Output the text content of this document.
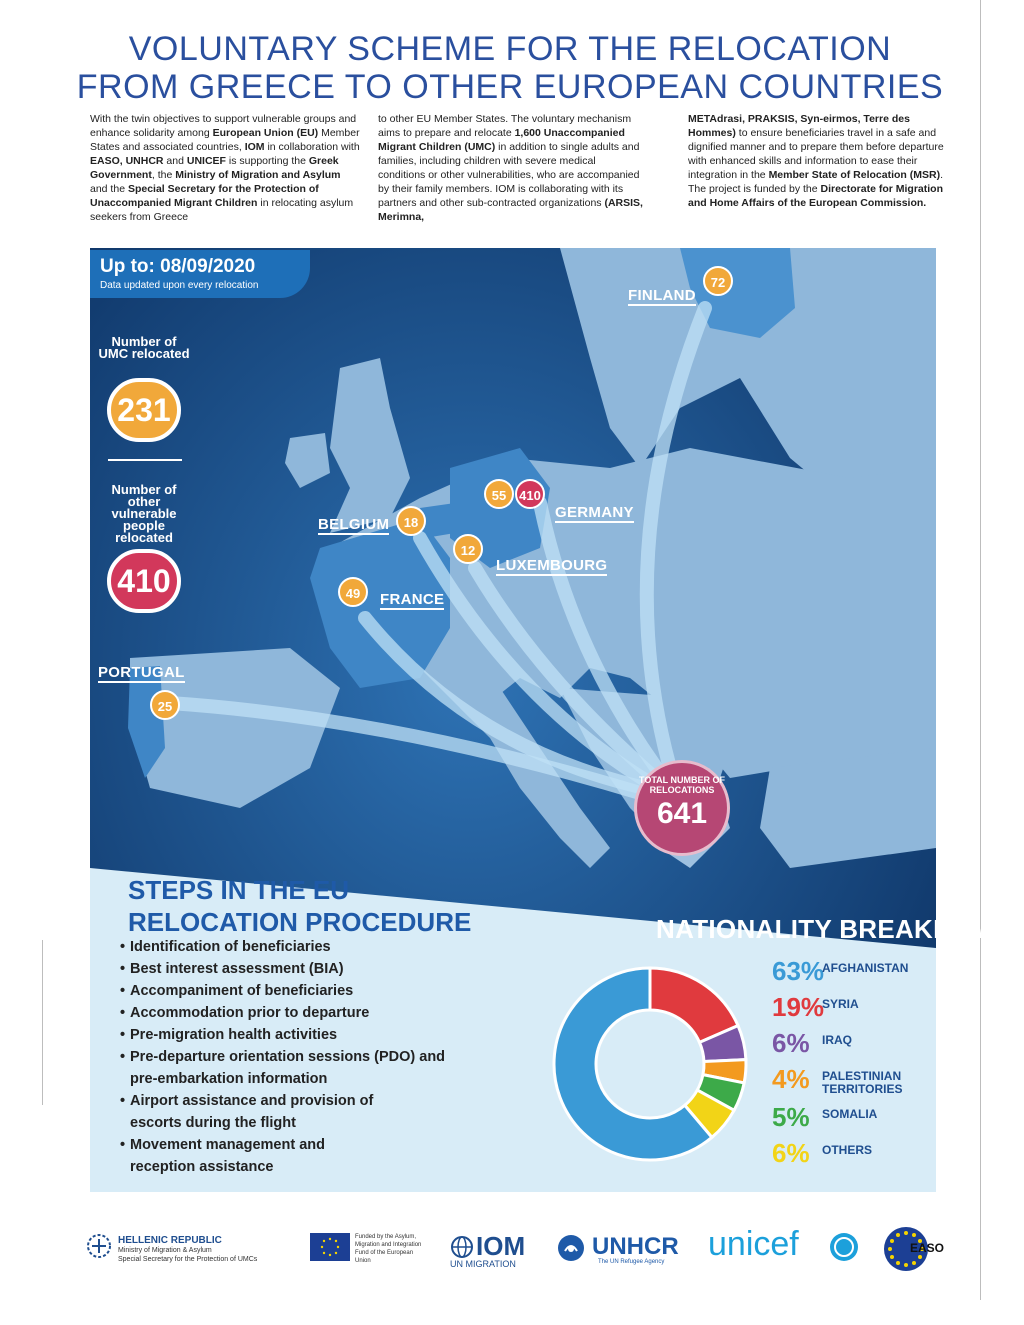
VOLUNTARY SCHEME FOR THE RELOCATION
FROM GREECE TO OTHER EUROPEAN COUNTRIES
With the twin objectives to support vulnerable groups and enhance solidarity among European Union (EU) Member States and associated countries, IOM in collaboration with EASO, UNHCR and UNICEF is supporting the Greek Government, the Ministry of Migration and Asylum and the Special Secretary for the Protection of Unaccompanied Migrant Children in relocating asylum seekers from Greece
to other EU Member States. The voluntary mechanism aims to prepare and relocate 1,600 Unaccompanied Migrant Children (UMC) in addition to single adults and families, including children with severe medical conditions or other vulnerabilities, who are accompanied by their family members. IOM is collaborating with its partners and other sub-contracted organizations (ARSIS, Merimna,
METAdrasi, PRAKSIS, Syn-eirmos, Terre des Hommes) to ensure beneficiaries travel in a safe and dignified manner and to prepare them before departure with enhanced skills and information to ease their integration in the Member State of Relocation (MSR). The project is funded by the Directorate for Migration and Home Affairs of the European Commission.
Up to: 08/09/2020
Data updated upon every relocation
Number of UMC relocated
231
Number of other vulnerable people relocated
410
FINLAND
72
55 410
GERMANY
BELGIUM	18
12
LUXEMBOURG
49	FRANCE
PORTUGAL
25
TOTAL NUMBER OF RELOCATIONS
641
STEPS IN THE EU
RELOCATION PROCEDURE
• Identification of beneficiaries
• Best interest assessment (BIA)
• Accompaniment of beneficiaries
• Accommodation prior to departure
• Pre-migration health activities
• Pre-departure orientation sessions (PDO) and pre-embarkation information
• Airport assistance and provision of escorts during the flight
• Movement management and reception assistance
NATIONALITY BREAKDOWN
63%AFGHANISTAN
19%SYRIA
6% IRAQ
4% PALESTINIAN TERRITORIES
5% SOMALIA
6% OTHERS
HELLENIC REPUBLIC
Ministry of Migration & Asylum
Special Secretary for the Protection of UMCs
Funded by the Asylum, Migration and Integration Fund of the European Union	IOM
UN MIGRATION
UNHCR
The UN Refugee Agency unicef	EASO
